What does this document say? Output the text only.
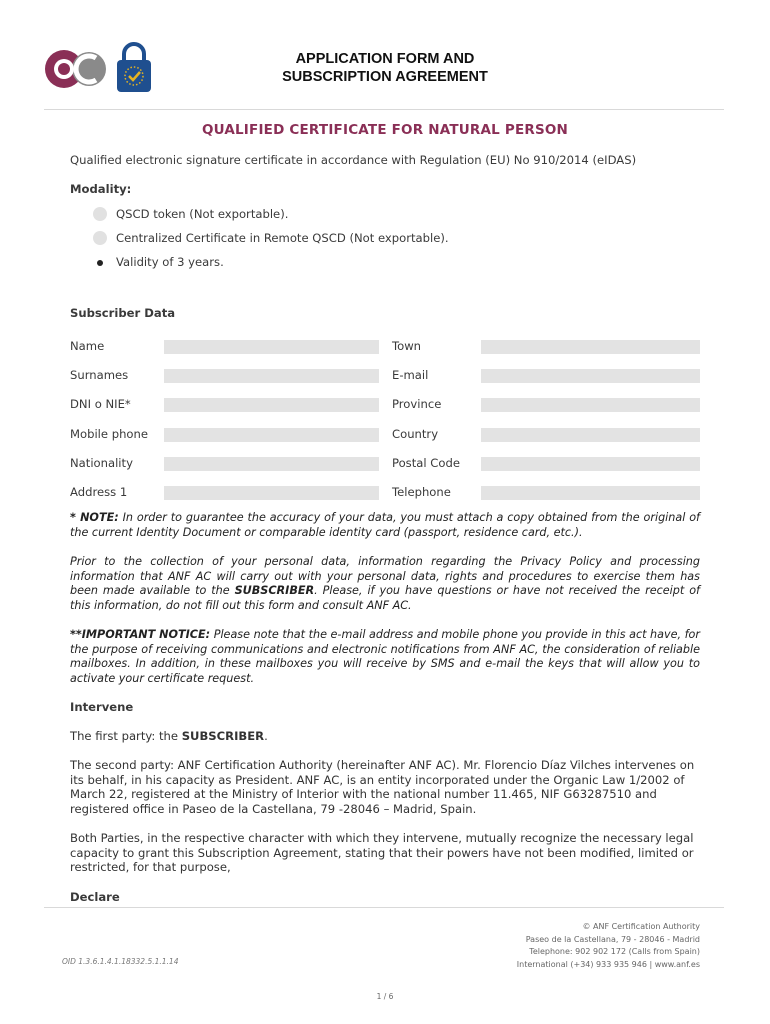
APPLICATION FORM AND
SUBSCRIPTION AGREEMENT
QUALIFIED CERTIFICATE FOR NATURAL PERSON
Qualified electronic signature certificate in accordance with Regulation (EU) No 910/2014 (eIDAS)
Modality:
QSCD token (Not exportable).
Centralized Certificate in Remote QSCD (Not exportable).
Validity of 3 years.
Subscriber Data
Name
Surnames
DNI o NIE*
Mobile phone
Nationality
Address 1
Town
E-mail
Province
Country
Postal Code
Telephone
* NOTE: In order to guarantee the accuracy of your data, you must attach a copy obtained from the original of the current Identity Document or comparable identity card (passport, residence card, etc.).
Prior to the collection of your personal data, information regarding the Privacy Policy and processing information that ANF AC will carry out with your personal data, rights and procedures to exercise them has been made available to the SUBSCRIBER. Please, if you have questions or have not received the receipt of this information, do not fill out this form and consult ANF AC.
**IMPORTANT NOTICE: Please note that the e-mail address and mobile phone you provide in this act have, for the purpose of receiving communications and electronic notifications from ANF AC, the consideration of reliable mailboxes. In addition, in these mailboxes you will receive by SMS and e-mail the keys that will allow you to activate your certificate request.
Intervene
The first party: the SUBSCRIBER.
The second party: ANF Certification Authority (hereinafter ANF AC). Mr. Florencio Díaz Vilches intervenes on its behalf, in his capacity as President. ANF AC, is an entity incorporated under the Organic Law 1/2002 of March 22, registered at the Ministry of Interior with the national number 11.465, NIF G63287510 and registered office in Paseo de la Castellana, 79 -28046 – Madrid, Spain.
Both Parties, in the respective character with which they intervene, mutually recognize the necessary legal capacity to grant this Subscription Agreement, stating that their powers have not been modified, limited or restricted, for that purpose,
Declare
OID 1.3.6.1.4.1.18332.5.1.1.14
© ANF Certification Authority
Paseo de la Castellana, 79 - 28046 - Madrid
Telephone: 902 902 172 (Calls from Spain)
International (+34) 933 935 946 | www.anf.es
1 / 6
